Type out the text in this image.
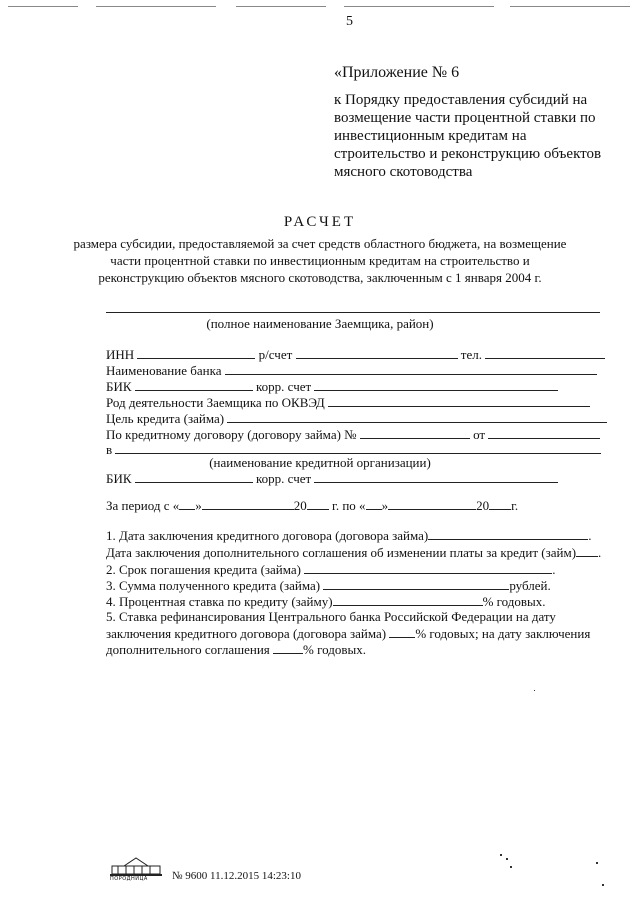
5
«Приложение № 6
к Порядку предоставления субсидий на
возмещение части процентной ставки по
инвестиционным кредитам на
строительство и реконструкцию объектов
мясного скотоводства
РАСЧЕТ
размера субсидии, предоставляемой за счет средств областного бюджета, на возмещение
части процентной ставки по инвестиционным кредитам на строительство и
реконструкцию объектов мясного скотоводства, заключенным с 1 января 2004 г.
(полное наименование Заемщика, район)
ИНН	р/счет	тел.
Наименование банка
БИК	корр. счет
Род деятельности Заемщика по ОКВЭД
Цель кредита (займа)
По кредитному договору (договору займа) №	от
в
(наименование кредитной организации)
БИК	корр. счет
За период с « »	20 г. по « »	20 г.
1. Дата заключения кредитного договора (договора займа)	.
Дата заключения дополнительного соглашения об изменении платы за кредит (займ) .
2. Срок погашения кредита (займа)	.
3. Сумма полученного кредита (займа)	рублей.
4. Процентная ставка по кредиту (займу)	% годовых.
5. Ставка рефинансирования Центрального банка Российской Федерации на дату
заключения кредитного договора (договора займа) % годовых; на дату заключения
дополнительного соглашения	% годовых.
ПОРОДНИЦА № 9600 11.12.2015 14:23:10
